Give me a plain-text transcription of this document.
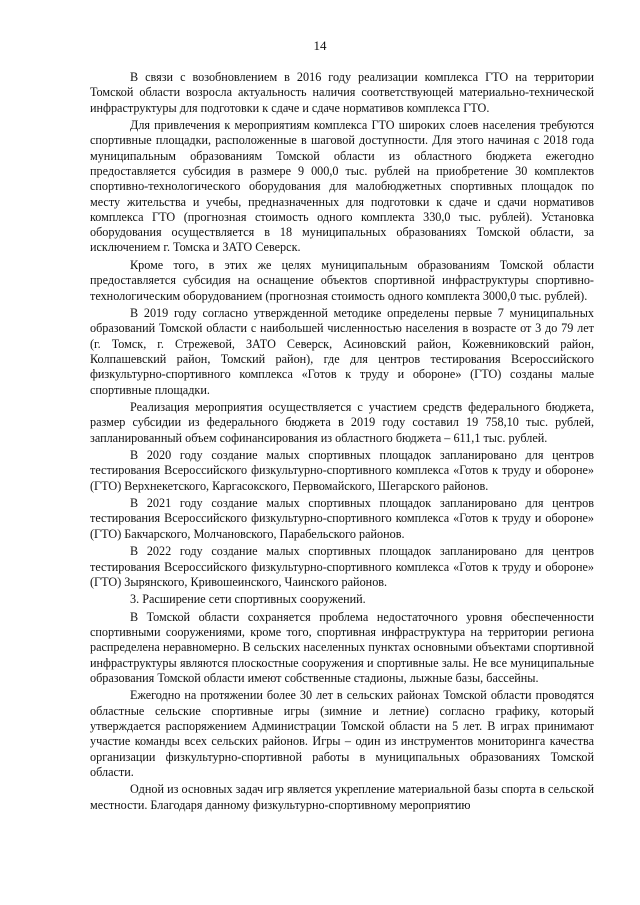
14

В связи с возобновлением в 2016 году реализации комплекса ГТО на территории Томской области возросла актуальность наличия соответствующей материально-технической инфраструктуры для подготовки к сдаче и сдаче нормативов комплекса ГТО.

Для привлечения к мероприятиям комплекса ГТО широких слоев населения требуются спортивные площадки, расположенные в шаговой доступности. Для этого начиная с 2018 года муниципальным образованиям Томской области из областного бюджета ежегодно предоставляется субсидия в размере 9 000,0 тыс. рублей на приобретение 30 комплектов спортивно-технологического оборудования для малобюджетных спортивных площадок по месту жительства и учебы, предназначенных для подготовки к сдаче и сдачи нормативов комплекса ГТО (прогнозная стоимость одного комплекта 330,0 тыс. рублей). Установка оборудования осуществляется в 18 муниципальных образованиях Томской области, за исключением г. Томска и ЗАТО Северск.

Кроме того, в этих же целях муниципальным образованиям Томской области предоставляется субсидия на оснащение объектов спортивной инфраструктуры спортивно-технологическим оборудованием (прогнозная стоимость одного комплекта 3000,0 тыс. рублей).

В 2019 году согласно утвержденной методике определены первые 7 муниципальных образований Томской области с наибольшей численностью населения в возрасте от 3 до 79 лет (г. Томск, г. Стрежевой, ЗАТО Северск, Асиновский район, Кожевниковский район, Колпашевский район, Томский район), где для центров тестирования Всероссийского физкультурно-спортивного комплекса «Готов к труду и обороне» (ГТО) созданы малые спортивные площадки.

Реализация мероприятия осуществляется с участием средств федерального бюджета, размер субсидии из федерального бюджета в 2019 году составил 19 758,10 тыс. рублей, запланированный объем софинансирования из областного бюджета – 611,1 тыс. рублей.

В 2020 году создание малых спортивных площадок запланировано для центров тестирования Всероссийского физкультурно-спортивного комплекса «Готов к труду и обороне» (ГТО) Верхнекетского, Каргасокского, Первомайского, Шегарского районов.

В 2021 году создание малых спортивных площадок запланировано для центров тестирования Всероссийского физкультурно-спортивного комплекса «Готов к труду и обороне» (ГТО) Бакчарского, Молчановского, Парабельского районов.

В 2022 году создание малых спортивных площадок запланировано для центров тестирования Всероссийского физкультурно-спортивного комплекса «Готов к труду и обороне» (ГТО) Зырянского, Кривошеинского, Чаинского районов.

3. Расширение сети спортивных сооружений.

В Томской области сохраняется проблема недостаточного уровня обеспеченности спортивными сооружениями, кроме того, спортивная инфраструктура на территории региона распределена неравномерно. В сельских населенных пунктах основными объектами спортивной инфраструктуры являются плоскостные сооружения и спортивные залы. Не все муниципальные образования Томской области имеют собственные стадионы, лыжные базы, бассейны.

Ежегодно на протяжении более 30 лет в сельских районах Томской области проводятся областные сельские спортивные игры (зимние и летние) согласно графику, который утверждается распоряжением Администрации Томской области на 5 лет. В играх принимают участие команды всех сельских районов. Игры – один из инструментов мониторинга качества организации физкультурно-спортивной работы в муниципальных образованиях Томской области.

Одной из основных задач игр является укрепление материальной базы спорта в сельской местности. Благодаря данному физкультурно-спортивному мероприятию
